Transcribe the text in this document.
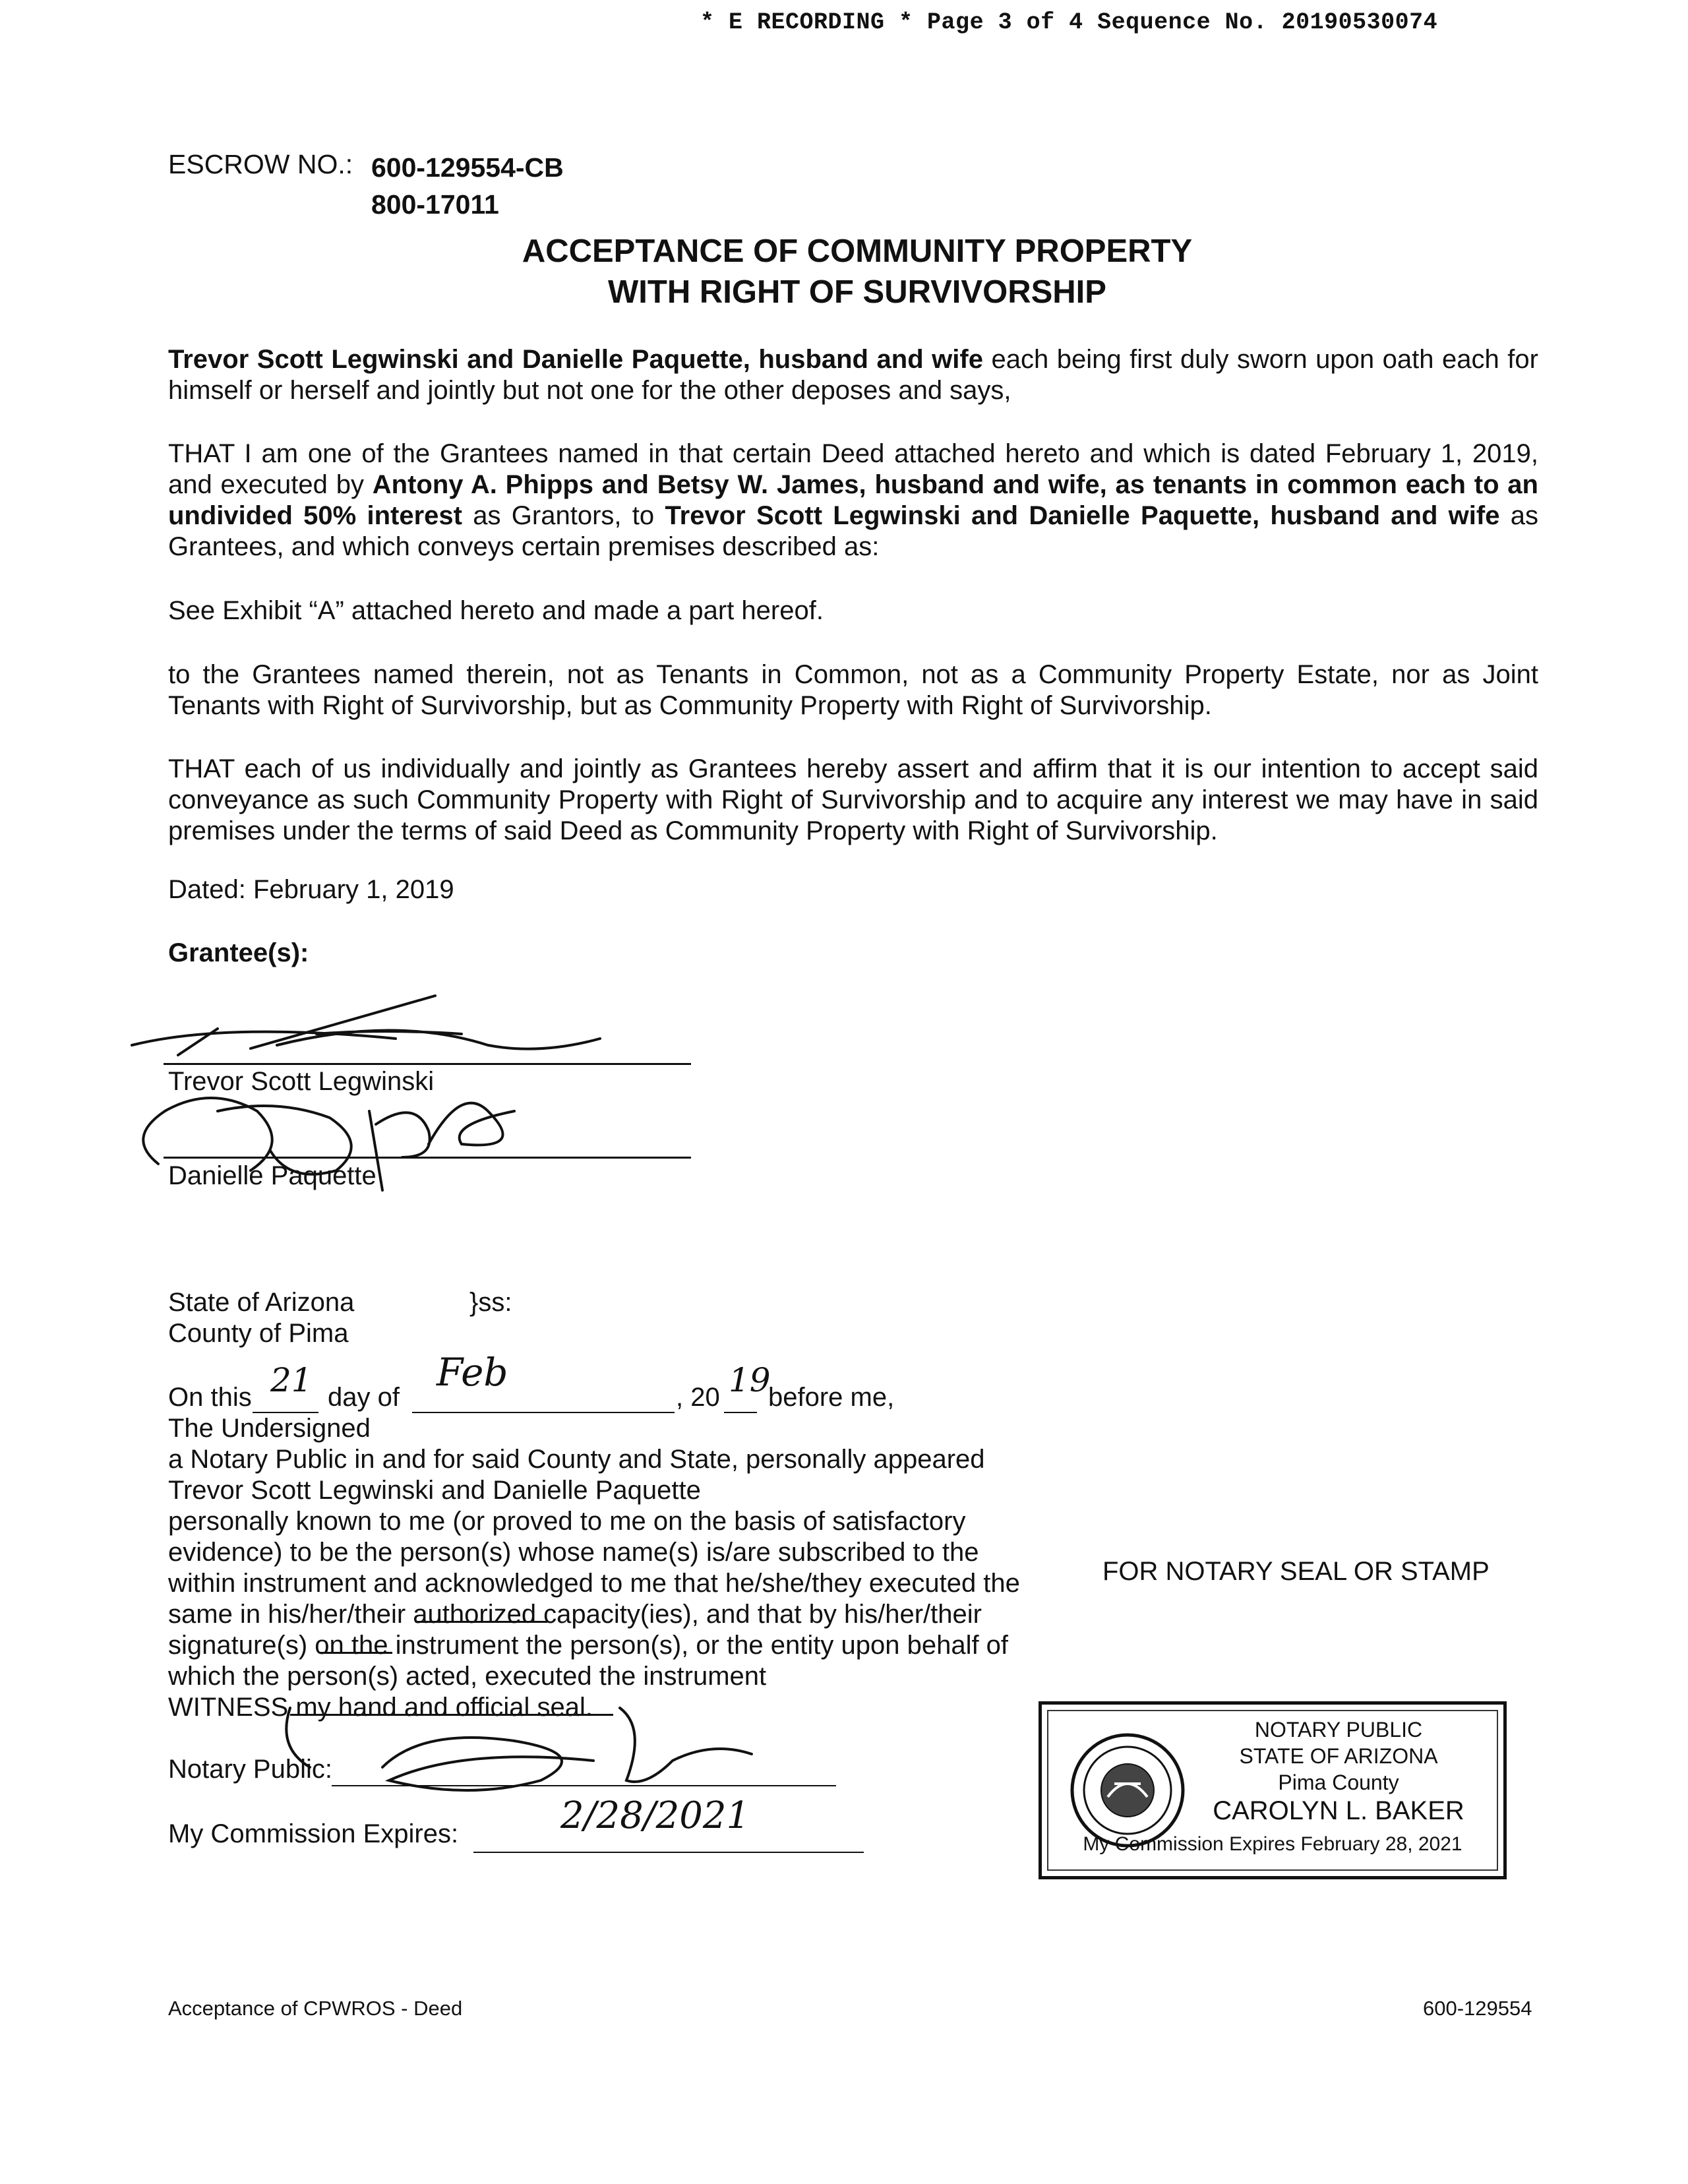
* E RECORDING * Page 3 of 4 Sequence No. 20190530074
ESCROW NO.: 600-129554-CB
800-17011
ACCEPTANCE OF COMMUNITY PROPERTY
WITH RIGHT OF SURVIVORSHIP
Trevor Scott Legwinski and Danielle Paquette, husband and wife each being first duly sworn upon oath each for himself or herself and jointly but not one for the other deposes and says,
THAT I am one of the Grantees named in that certain Deed attached hereto and which is dated February 1, 2019, and executed by Antony A. Phipps and Betsy W. James, husband and wife, as tenants in common each to an undivided 50% interest as Grantors, to Trevor Scott Legwinski and Danielle Paquette, husband and wife as Grantees, and which conveys certain premises described as:
See Exhibit “A” attached hereto and made a part hereof.
to the Grantees named therein, not as Tenants in Common, not as a Community Property Estate, nor as Joint Tenants with Right of Survivorship, but as Community Property with Right of Survivorship.
THAT each of us individually and jointly as Grantees hereby assert and affirm that it is our intention to accept said conveyance as such Community Property with Right of Survivorship and to acquire any interest we may have in said premises under the terms of said Deed as Community Property with Right of Survivorship.
Dated: February 1, 2019
Grantee(s):
Trevor Scott Legwinski
Danielle Paquette
State of Arizona	}ss:
County of Pima
On this 21 day of
Feb
, 20 19
before me,
The Undersigned
a Notary Public in and for said County and State, personally appeared
Trevor Scott Legwinski and Danielle Paquette
personally known to me (or proved to me on the basis of satisfactory
evidence) to be the person(s) whose name(s) is/are subscribed to the
within instrument and acknowledged to me that he/she/they executed the
same in his/her/their authorized capacity(ies), and that by his/her/their
signature(s) on the instrument the person(s), or the entity upon behalf of
which the person(s) acted, executed the instrument
WITNESS my hand and official seal.
Notary Public:
My Commission Expires:	2/28/2021
FOR NOTARY SEAL OR STAMP
NOTARY PUBLIC
STATE OF ARIZONA
Pima County
CAROLYN L. BAKER
My Commission Expires February 28, 2021
Acceptance of CPWROS - Deed	600-129554
